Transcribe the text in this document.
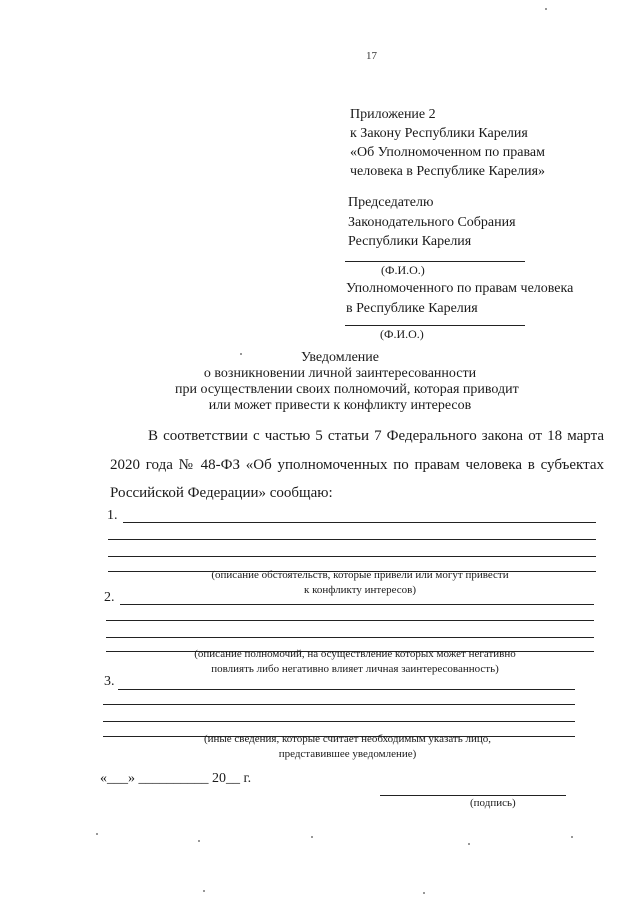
17
Приложение 2
к Закону Республики Карелия
«Об Уполномоченном по правам
человека в Республике Карелия»
Председателю
Законодательного Собрания
Республики Карелия
(Ф.И.О.)
Уполномоченного по правам человека
в Республике Карелия
(Ф.И.О.)
Уведомление
о возникновении личной заинтересованности
при осуществлении своих полномочий, которая приводит
или может привести к конфликту интересов
В соответствии с частью 5 статьи 7 Федерального закона от 18 марта
2020 года № 48-ФЗ «Об уполномоченных по правам человека в субъектах
Российской Федерации» сообщаю:
1.
(описание обстоятельств, которые привели или могут привести
к конфликту интересов)
2.
(описание полномочий, на осуществление которых может негативно
повлиять либо негативно влияет личная заинтересованность)
3.
(иные сведения, которые считает необходимым указать лицо,
представившее уведомление)
«___» __________ 20__ г.
(подпись)
